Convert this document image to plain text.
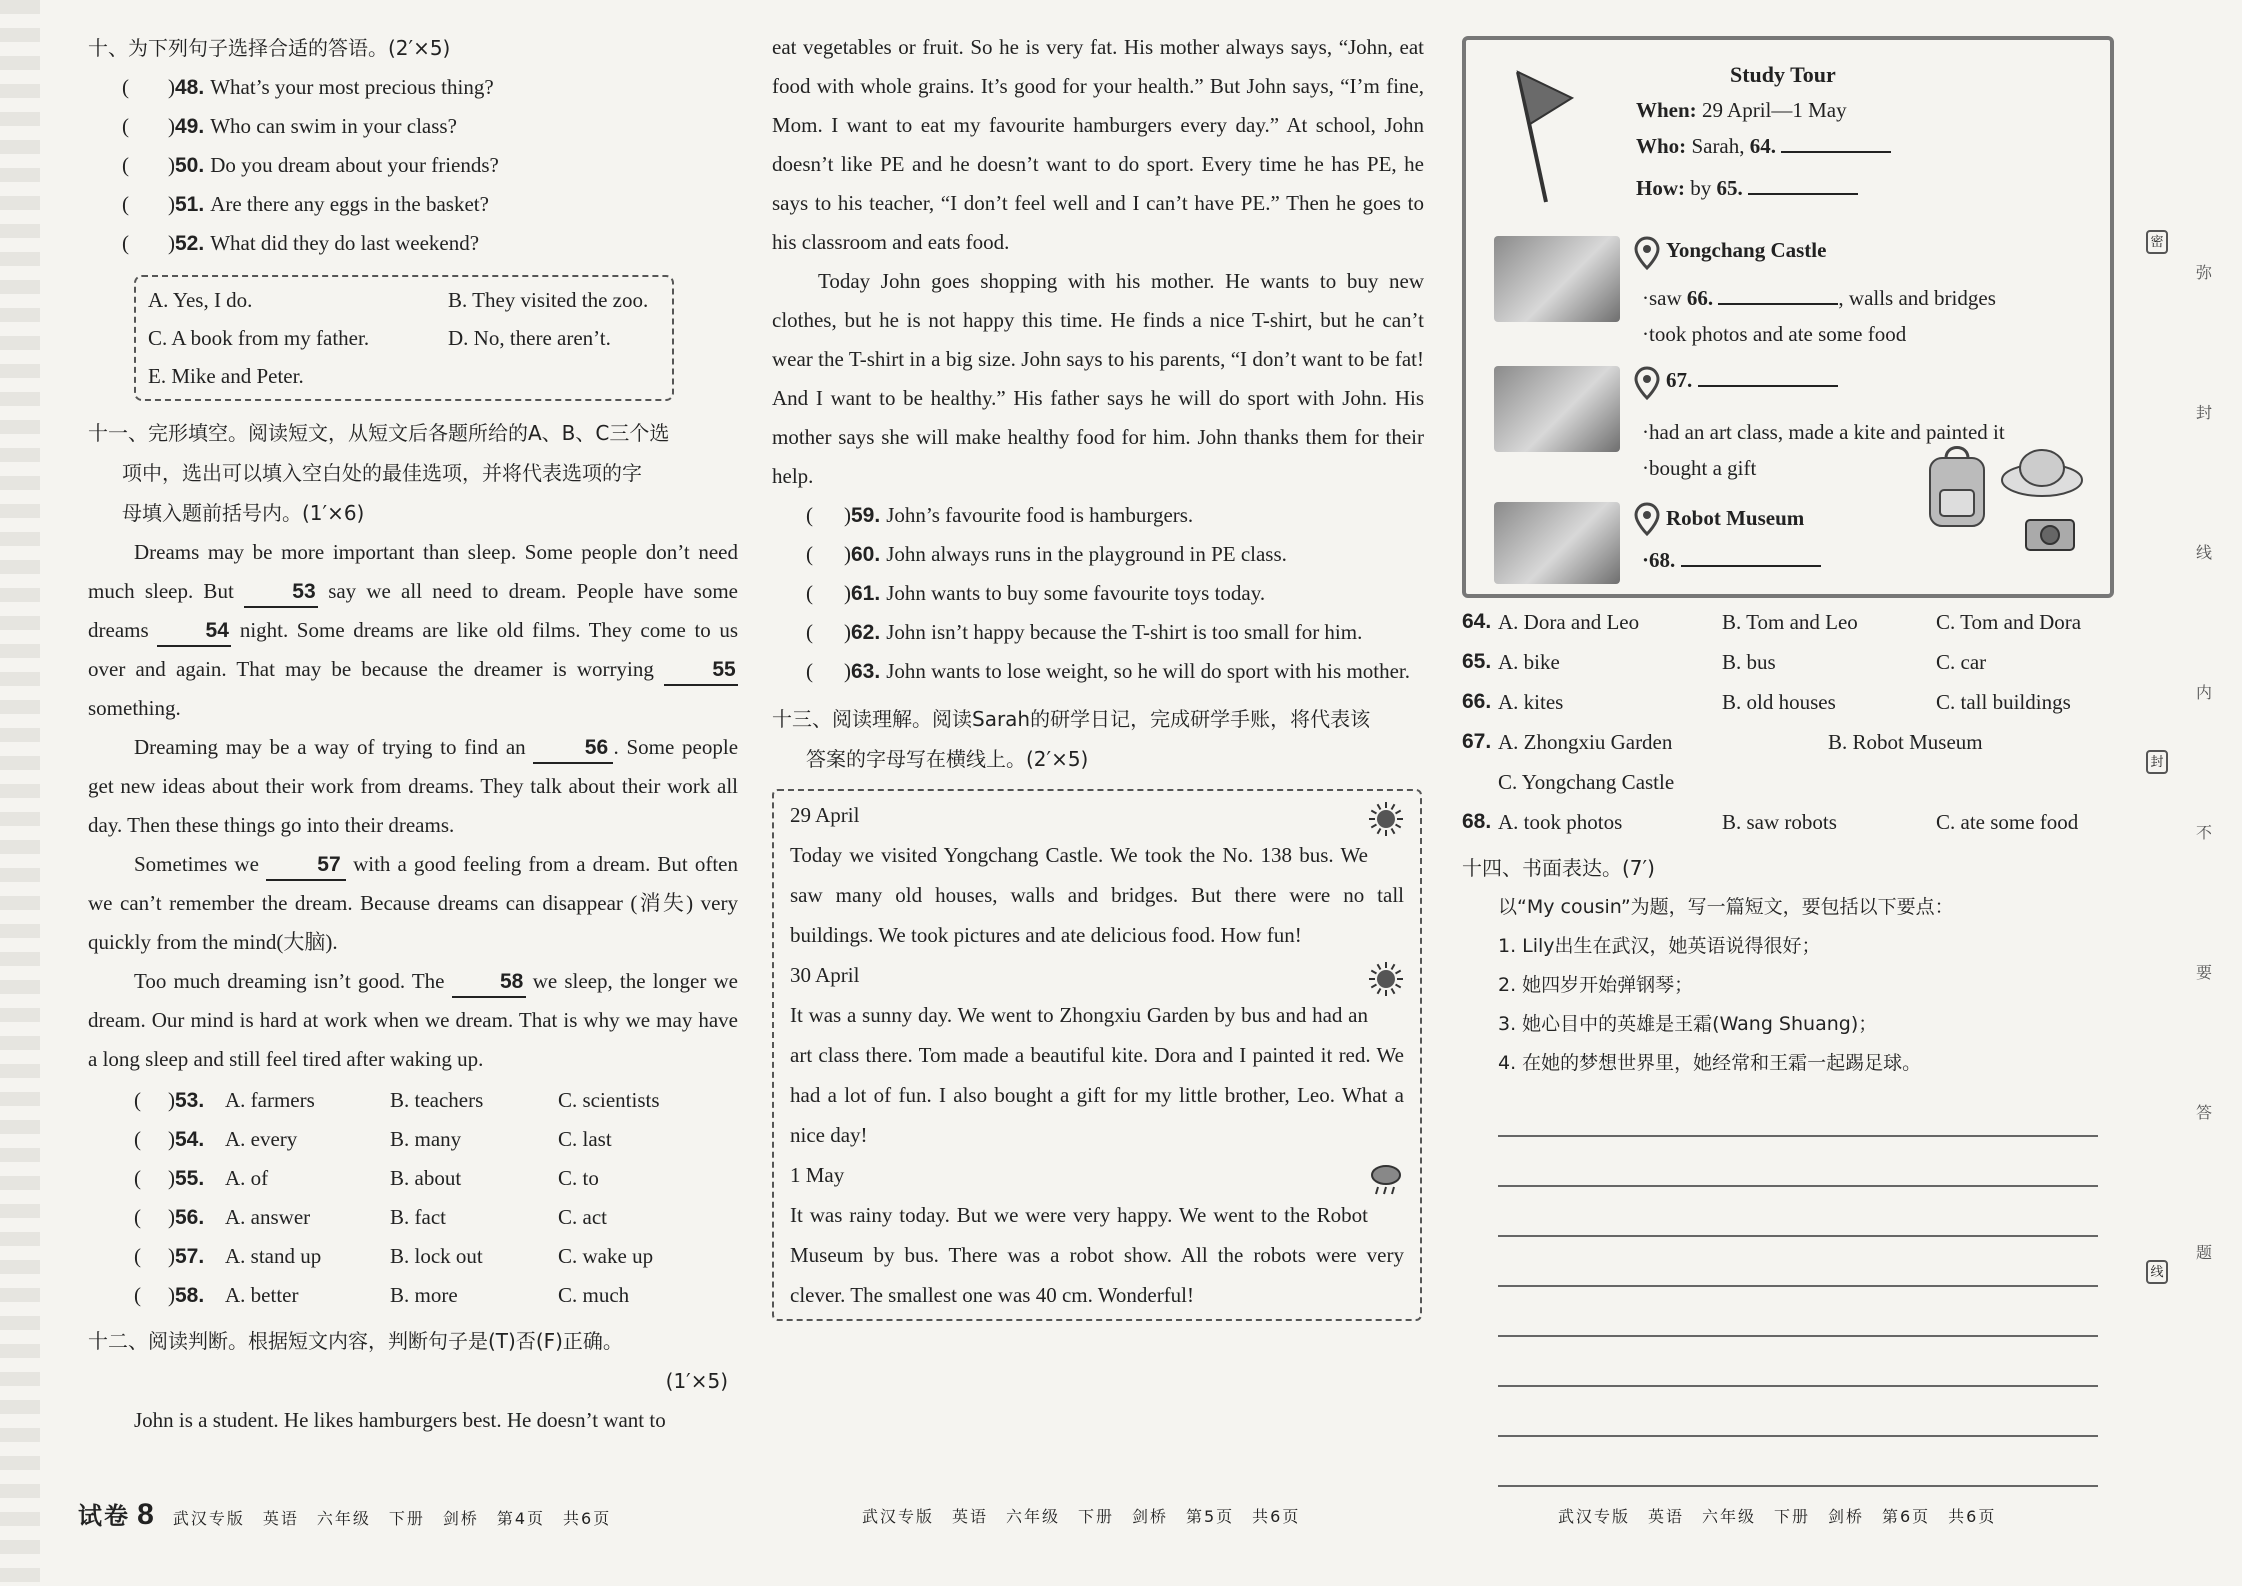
十、为下列句子选择合适的答语。(2′×5)
( ) 48. What’s your most precious thing?
( ) 49. Who can swim in your class?
( ) 50. Do you dream about your friends?
( ) 51. Are there any eggs in the basket?
( ) 52. What did they do last weekend?
A. Yes, I do.	B. They visited the zoo.
C. A book from my father.	D. No, there aren’t.
E. Mike and Peter.
十一、完形填空。阅读短文，从短文后各题所给的A、B、C三个选
项中，选出可以填入空白处的最佳选项，并将代表选项的字
母填入题前括号内。(1′×6)
Dreams may be more important than sleep. Some people don’t need much sleep. But	53 say we all need to dream. People have some dreams	54 night. Some dreams are like old films. They come to us over and again. That may be because the dreamer is worrying	55 something.
Dreaming may be a way of trying to find an	56 . Some people get new ideas about their work from dreams. They talk about their work all day. Then these things go into their dreams.
Sometimes we	57 with a good feeling from a dream. But often we can’t remember the dream. Because dreams can disappear (消失) very quickly from the mind(大脑).
Too much dreaming isn’t good. The	58 we sleep, the longer we dream. Our mind is hard at work when we dream. That is why we may have a long sleep and still feel tired after waking up.
( ) 53. A. farmers	B. teachers	C. scientists
( ) 54. A. every	B. many	C. last
( ) 55. A. of	B. about	C. to
( ) 56. A. answer	B. fact	C. act
( ) 57. A. stand up	B. lock out	C. wake up
( ) 58. A. better	B. more	C. much
十二、阅读判断。根据短文内容，判断句子是(T)否(F)正确。
(1′×5)
John is a student. He likes hamburgers best. He doesn’t want to
eat vegetables or fruit. So he is very fat. His mother always says, “John, eat food with whole grains. It’s good for your health.” But John says, “I’m fine, Mom. I want to eat my favourite hamburgers every day.” At school, John doesn’t like PE and he doesn’t want to do sport. Every time he has PE, he says to his teacher, “I don’t feel well and I can’t have PE.” Then he goes to his classroom and eats food.
Today John goes shopping with his mother. He wants to buy new clothes, but he is not happy this time. He finds a nice T-shirt, but he can’t wear the T-shirt in a big size. John says to his parents, “I don’t want to be fat! And I want to be healthy.” His father says he will do sport with John. His mother says she will make healthy food for him. John thanks them for their help.
(	) 59. John’s favourite food is hamburgers.
(	) 60. John always runs in the playground in PE class.
(	) 61. John wants to buy some favourite toys today.
(	) 62. John isn’t happy because the T-shirt is too small for him.
(	) 63. John wants to lose weight, so he will do sport with his mother.
十三、阅读理解。阅读Sarah的研学日记，完成研学手账，将代表该
答案的字母写在横线上。(2′×5)
29 April
Today we visited Yongchang Castle. We took the No. 138 bus. We saw many old houses, walls and bridges. But there were no tall buildings. We took pictures and ate delicious food. How fun!
30 April
It was a sunny day. We went to Zhongxiu Garden by bus and had an art class there. Tom made a beautiful kite. Dora and I painted it red. We had a lot of fun. I also bought a gift for my little brother, Leo. What a nice day!
1 May
It was rainy today. But we were very happy. We went to the Robot Museum by bus. There was a robot show. All the robots were very clever. The smallest one was 40 cm. Wonderful!
Study Tour
When: 29 April—1 May
Who: Sarah, 64.
How: by 65.
Yongchang Castle
·saw 66.	, walls and bridges
·took photos and ate some food
67.
·had an art class, made a kite and painted it
·bought a gift
Robot Museum
·68.
64. A. Dora and Leo	B. Tom and Leo	C. Tom and Dora
65. A. bike	B. bus	C. car
66. A. kites	B. old houses	C. tall buildings
67. A. Zhongxiu Garden	B. Robot Museum
C. Yongchang Castle
68. A. took photos	B. saw robots	C. ate some food
十四、书面表达。(7′)
以“My cousin”为题，写一篇短文，要包括以下要点：
1. Lily出生在武汉，她英语说得很好；
2. 她四岁开始弹钢琴；
3. 她心目中的英雄是王霜(Wang Shuang)；
4. 在她的梦想世界里，她经常和王霜一起踢足球。
试卷 8 武汉专版　英语　六年级　下册　剑桥　第4页　共6页	武汉专版　英语　六年级　下册　剑桥　第5页　共6页	武汉专版　英语　六年级　下册　剑桥　第6页　共6页
密
弥
封
线
内
封
不
要
答
题
线
